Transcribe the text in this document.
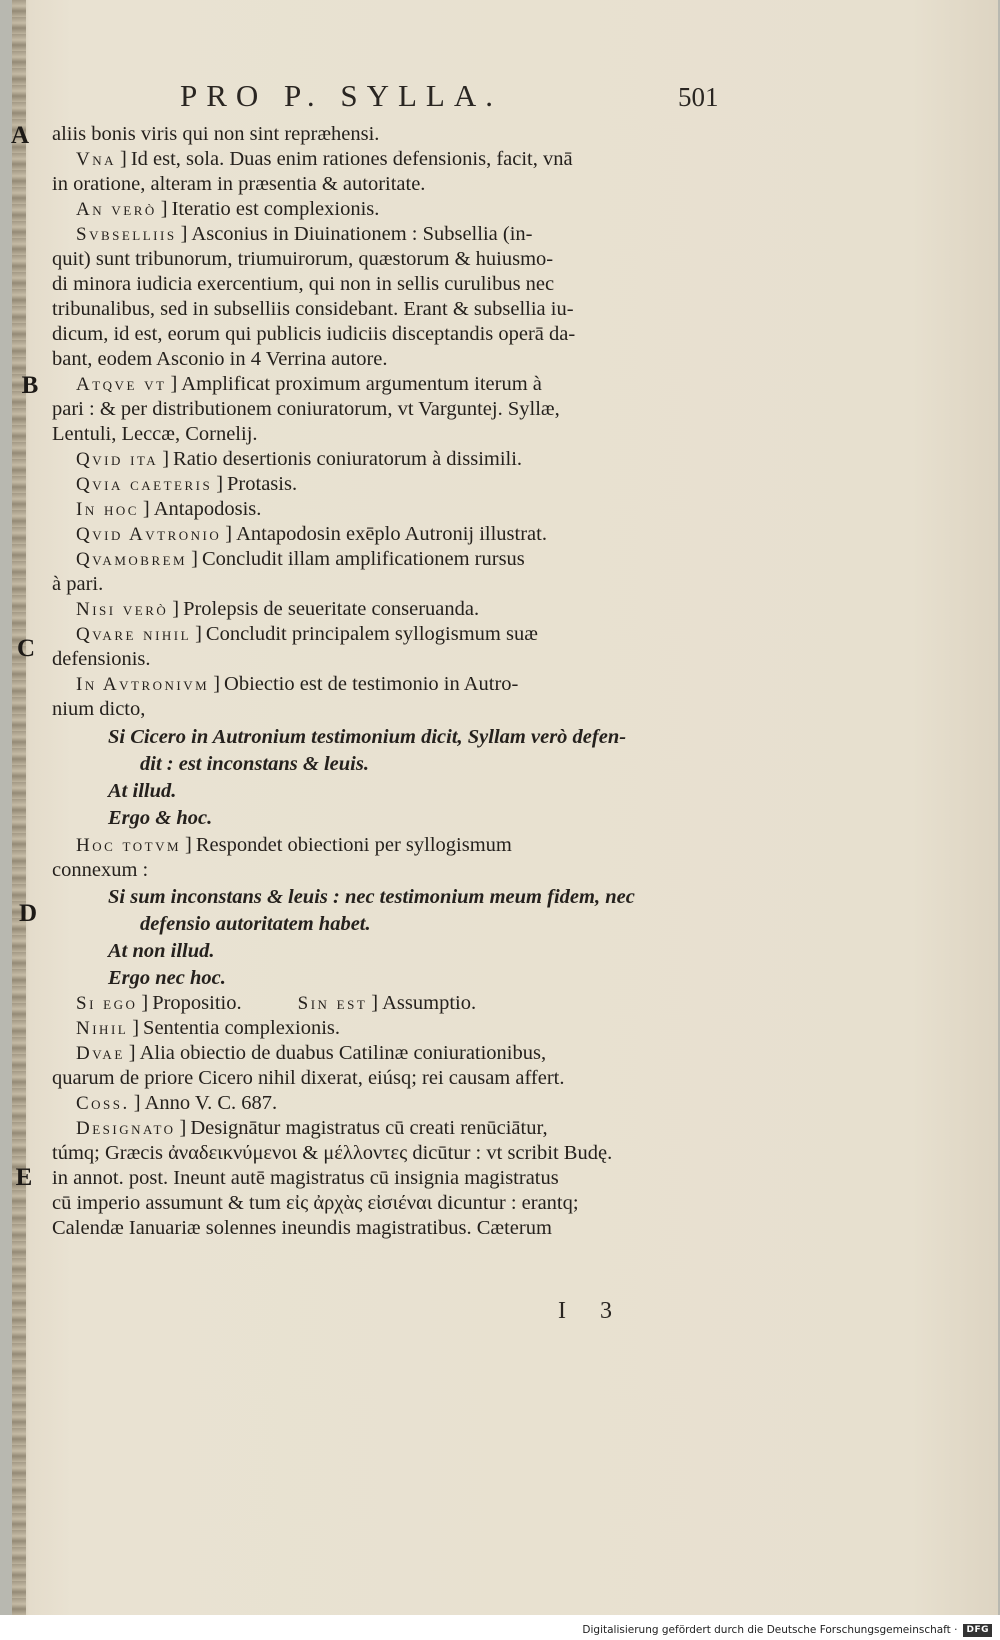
PRO P. SYLLA.	501
A
B
C
D
E
aliis bonis viris qui non sint repræhensi.
Vna ] Id est, sola. Duas enim rationes defensionis, facit, vnā
in oratione, alteram in præsentia & autoritate.
An verò ] Iteratio est complexionis.
Svbselliis ] Asconius in Diuinationem : Subsellia (in-
quit) sunt tribunorum, triumuirorum, quæstorum & huiusmo-
di minora iudicia exercentium, qui non in sellis curulibus nec
tribunalibus, sed in subselliis considebant. Erant & subsellia iu-
dicum, id est, eorum qui publicis iudiciis disceptandis operā da-
bant, eodem Asconio in 4 Verrina autore.
Atqve vt ] Amplificat proximum argumentum iterum à
pari : & per distributionem coniuratorum, vt Varguntej. Syllæ,
Lentuli, Leccæ, Cornelij.
Qvid ita ] Ratio desertionis coniuratorum à dissimili.
Qvia caeteris ] Protasis.
In hoc ] Antapodosis.
Qvid Avtronio ] Antapodosin exēplo Autronij illustrat.
Qvamobrem ] Concludit illam amplificationem rursus
à pari.
Nisi verò ] Prolepsis de seueritate conseruanda.
Qvare nihil ] Concludit principalem syllogismum suæ
defensionis.
In Avtronivm ] Obiectio est de testimonio in Autro-
nium dicto,
Si Cicero in Autronium testimonium dicit, Syllam verò defen-
dit : est inconstans & leuis.
At illud.
Ergo & hoc.
Hoc totvm ] Respondet obiectioni per syllogismum
connexum :
Si sum inconstans & leuis : nec testimonium meum fidem, nec
defensio autoritatem habet.
At non illud.
Ergo nec hoc.
Si ego ] Propositio.	Sin est ] Assumptio.
Nihil ] Sententia complexionis.
Dvae ] Alia obiectio de duabus Catilinæ coniurationibus,
quarum de priore Cicero nihil dixerat, eiúsq; rei causam affert.
Coss. ] Anno V. C. 687.
Designato ] Designātur magistratus cū creati renūciātur,
túmq; Græcis ἀναδεικνύμενοι & μέλλοντες dicūtur : vt scribit Budę.
in annot. post. Ineunt autē magistratus cū insignia magistratus
cū imperio assumunt & tum εἰς ἀρχὰς εἰσιέναι dicuntur : erantq;
Calendæ Ianuariæ solennes ineundis magistratibus. Cæterum
I 3
Digitalisierung gefördert durch die Deutsche Forschungsgemeinschaft ·	DFG
